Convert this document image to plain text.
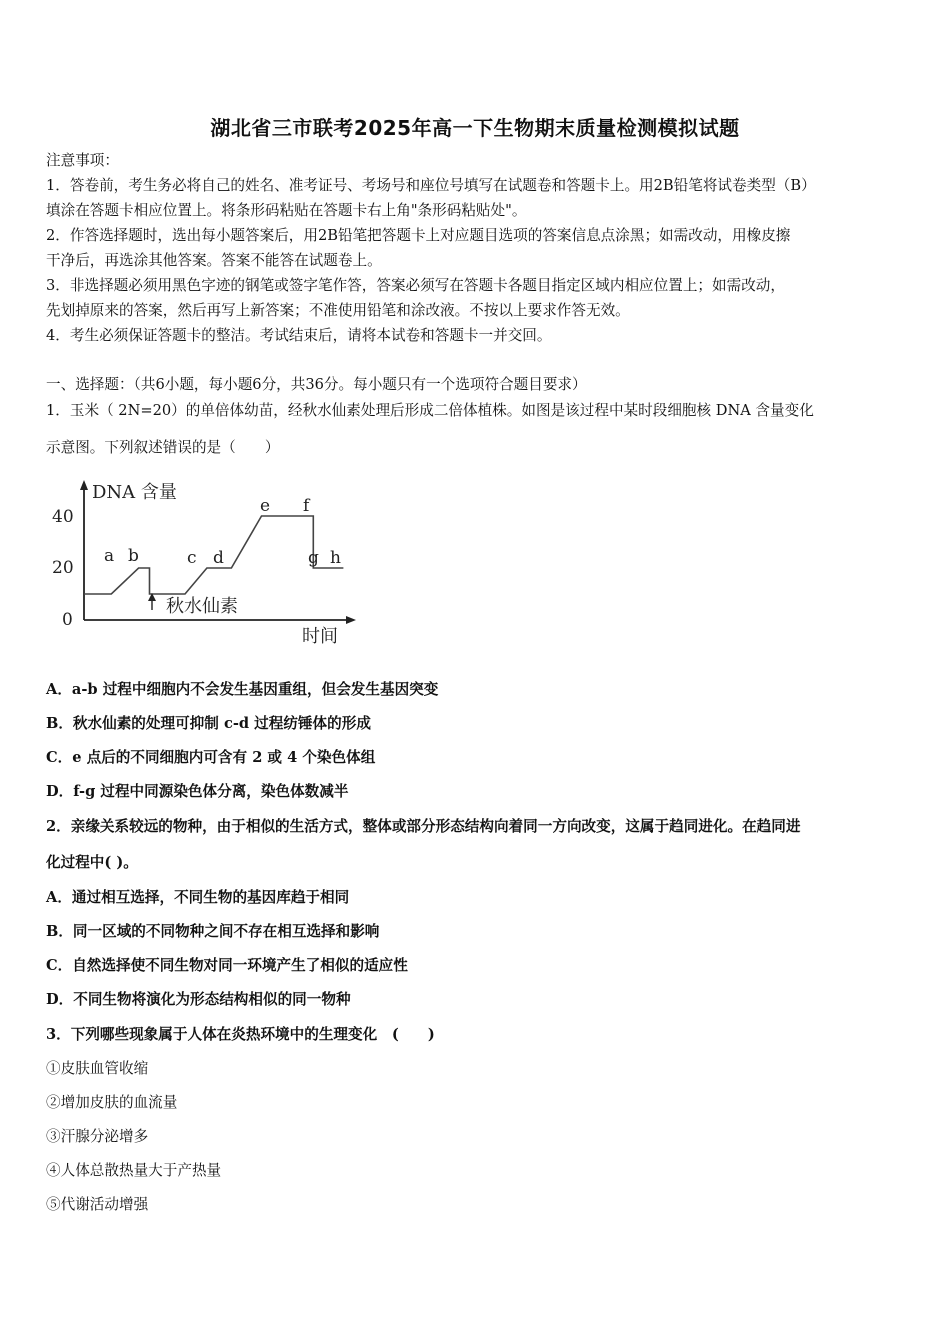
湖北省三市联考2025年高一下生物期末质量检测模拟试题
注意事项：
1．答卷前，考生务必将自己的姓名、准考证号、考场号和座位号填写在试题卷和答题卡上。用2B铅笔将试卷类型（B）
填涂在答题卡相应位置上。将条形码粘贴在答题卡右上角"条形码粘贴处"。
2．作答选择题时，选出每小题答案后，用2B铅笔把答题卡上对应题目选项的答案信息点涂黑；如需改动，用橡皮擦
干净后，再选涂其他答案。答案不能答在试题卷上。
3．非选择题必须用黑色字迹的钢笔或签字笔作答，答案必须写在答题卡各题目指定区域内相应位置上；如需改动，
先划掉原来的答案，然后再写上新答案；不准使用铅笔和涂改液。不按以上要求作答无效。
4．考生必须保证答题卡的整洁。考试结束后，请将本试卷和答题卡一并交回。
一、选择题：（共6小题，每小题6分，共36分。每小题只有一个选项符合题目要求）
1．玉米（ 2N=20）的单倍体幼苗，经秋水仙素处理后形成二倍体植株。如图是该过程中某时段细胞核 DNA 含量变化
示意图。下列叙述错误的是（　　）
DNA 含量
时间
40
20
0
a b	c d
e f
g h
秋水仙素
A．a-b 过程中细胞内不会发生基因重组，但会发生基因突变
B．秋水仙素的处理可抑制 c-d 过程纺锤体的形成
C．e 点后的不同细胞内可含有 2 或 4 个染色体组
D．f-g 过程中同源染色体分离，染色体数减半
2．亲缘关系较远的物种，由于相似的生活方式，整体或部分形态结构向着同一方向改变，这属于趋同进化。在趋同进
化过程中( )。
A．通过相互选择，不同生物的基因库趋于相同
B．同一区域的不同物种之间不存在相互选择和影响
C．自然选择使不同生物对同一环境产生了相似的适应性
D．不同生物将演化为形态结构相似的同一物种
3．下列哪些现象属于人体在炎热环境中的生理变化　(　　)
①皮肤血管收缩
②增加皮肤的血流量
③汗腺分泌增多
④人体总散热量大于产热量
⑤代谢活动增强
